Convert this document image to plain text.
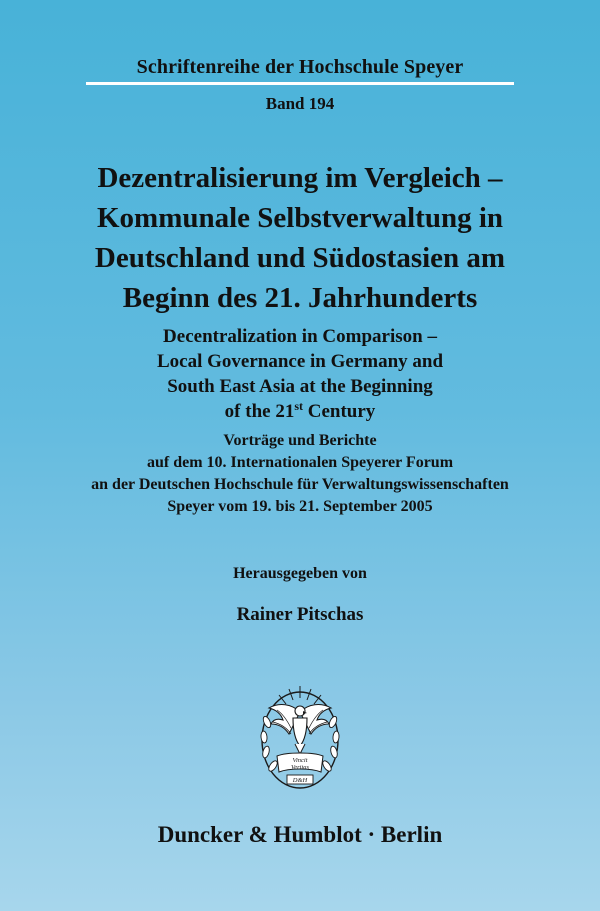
Schriftenreihe der Hochschule Speyer
Band 194
Dezentralisierung im Vergleich –
Kommunale Selbstverwaltung in
Deutschland und Südostasien am
Beginn des 21. Jahrhunderts
Decentralization in Comparison –
Local Governance in Germany and
South East Asia at the Beginning
of the 21st Century
Vorträge und Berichte
auf dem 10. Internationalen Speyerer Forum
an der Deutschen Hochschule für Verwaltungswissenschaften
Speyer vom 19. bis 21. September 2005
Herausgegeben von
Rainer Pitschas
Vincit
Veritas
D&H
Duncker & Humblot · Berlin
